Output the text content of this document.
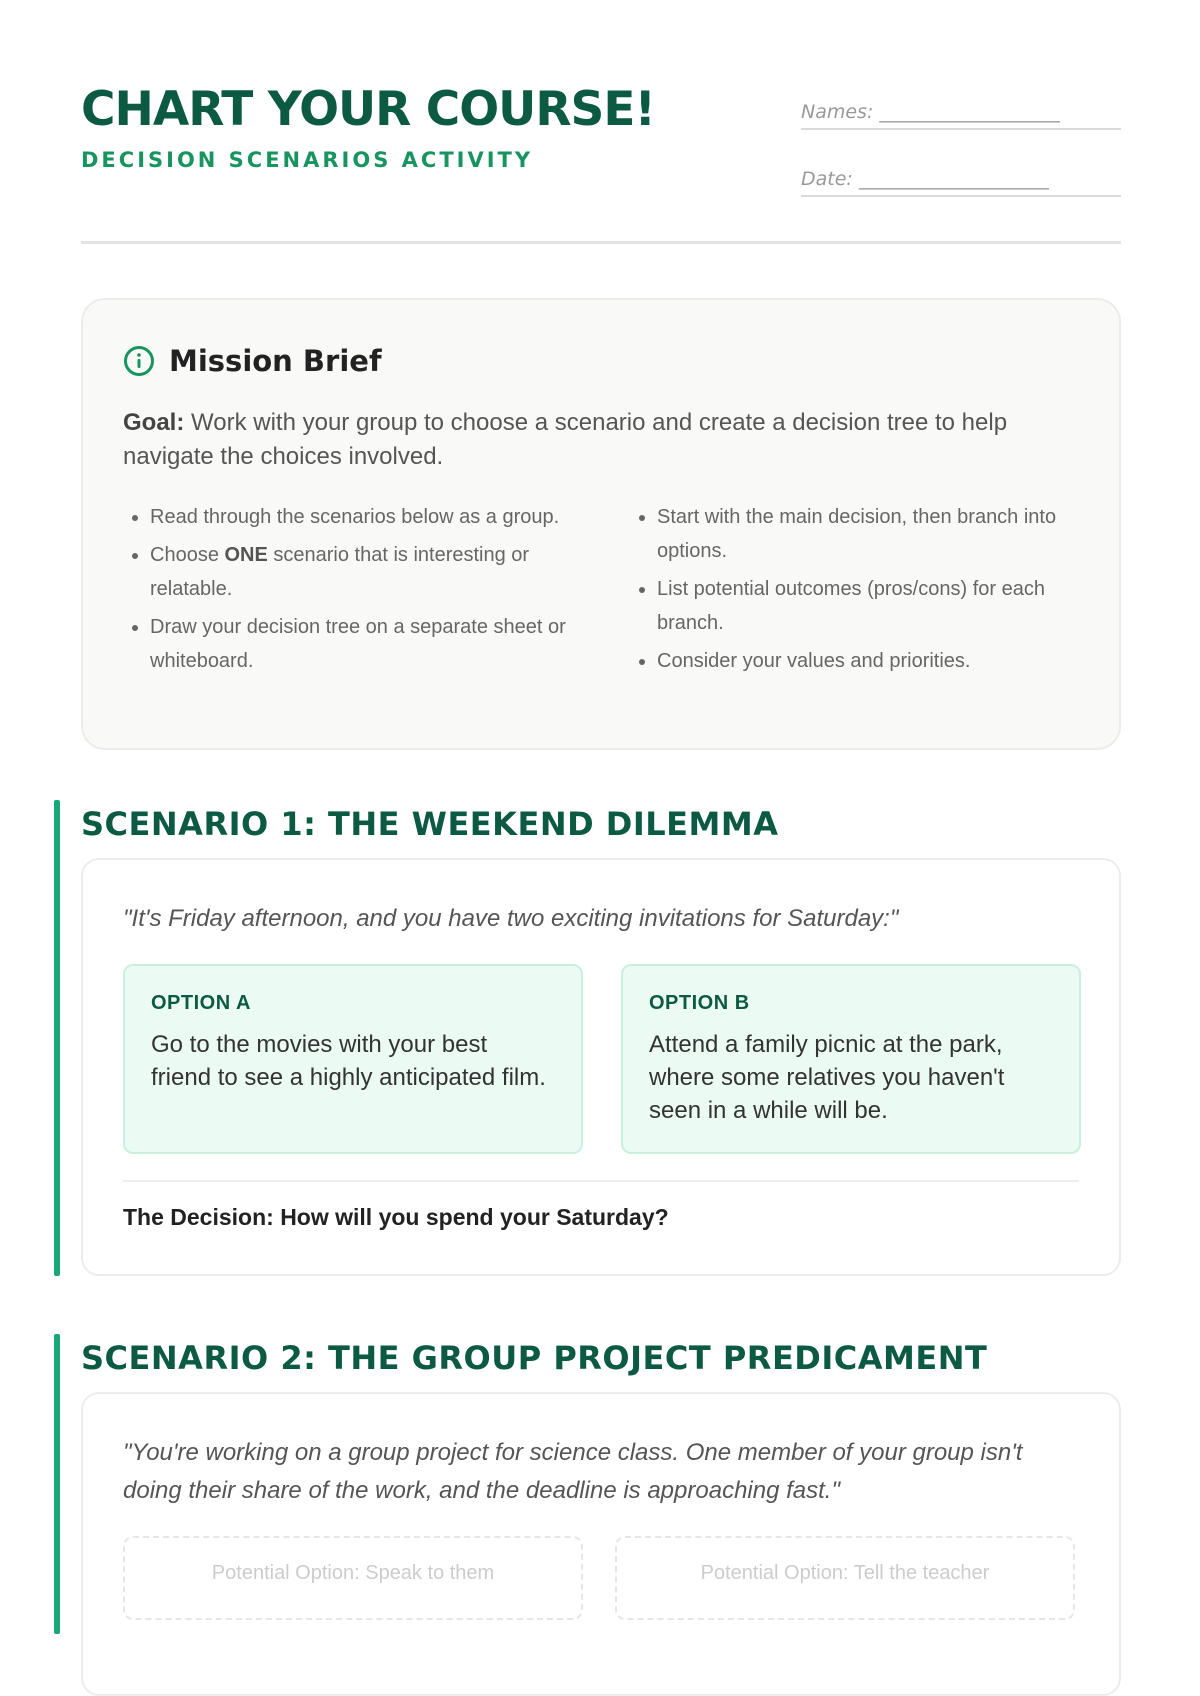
CHART YOUR COURSE!
DECISION SCENARIOS ACTIVITY
Names: ___________________
Date: ____________________
Mission Brief
Goal: Work with your group to choose a scenario and create a decision tree to help navigate the choices involved.
• Read through the scenarios below as a group.
• Choose ONE scenario that is interesting or relatable.
• Draw your decision tree on a separate sheet or whiteboard.
• Start with the main decision, then branch into options.
• List potential outcomes (pros/cons) for each branch.
• Consider your values and priorities.
SCENARIO 1: THE WEEKEND DILEMMA
"It's Friday afternoon, and you have two exciting invitations for Saturday:"
OPTION A
Go to the movies with your best friend to see a highly anticipated film.
OPTION B
Attend a family picnic at the park, where some relatives you haven't seen in a while will be.
The Decision: How will you spend your Saturday?
SCENARIO 2: THE GROUP PROJECT PREDICAMENT
"You're working on a group project for science class. One member of your group isn't doing their share of the work, and the deadline is approaching fast."
Potential Option: Speak to them	Potential Option: Tell the teacher
